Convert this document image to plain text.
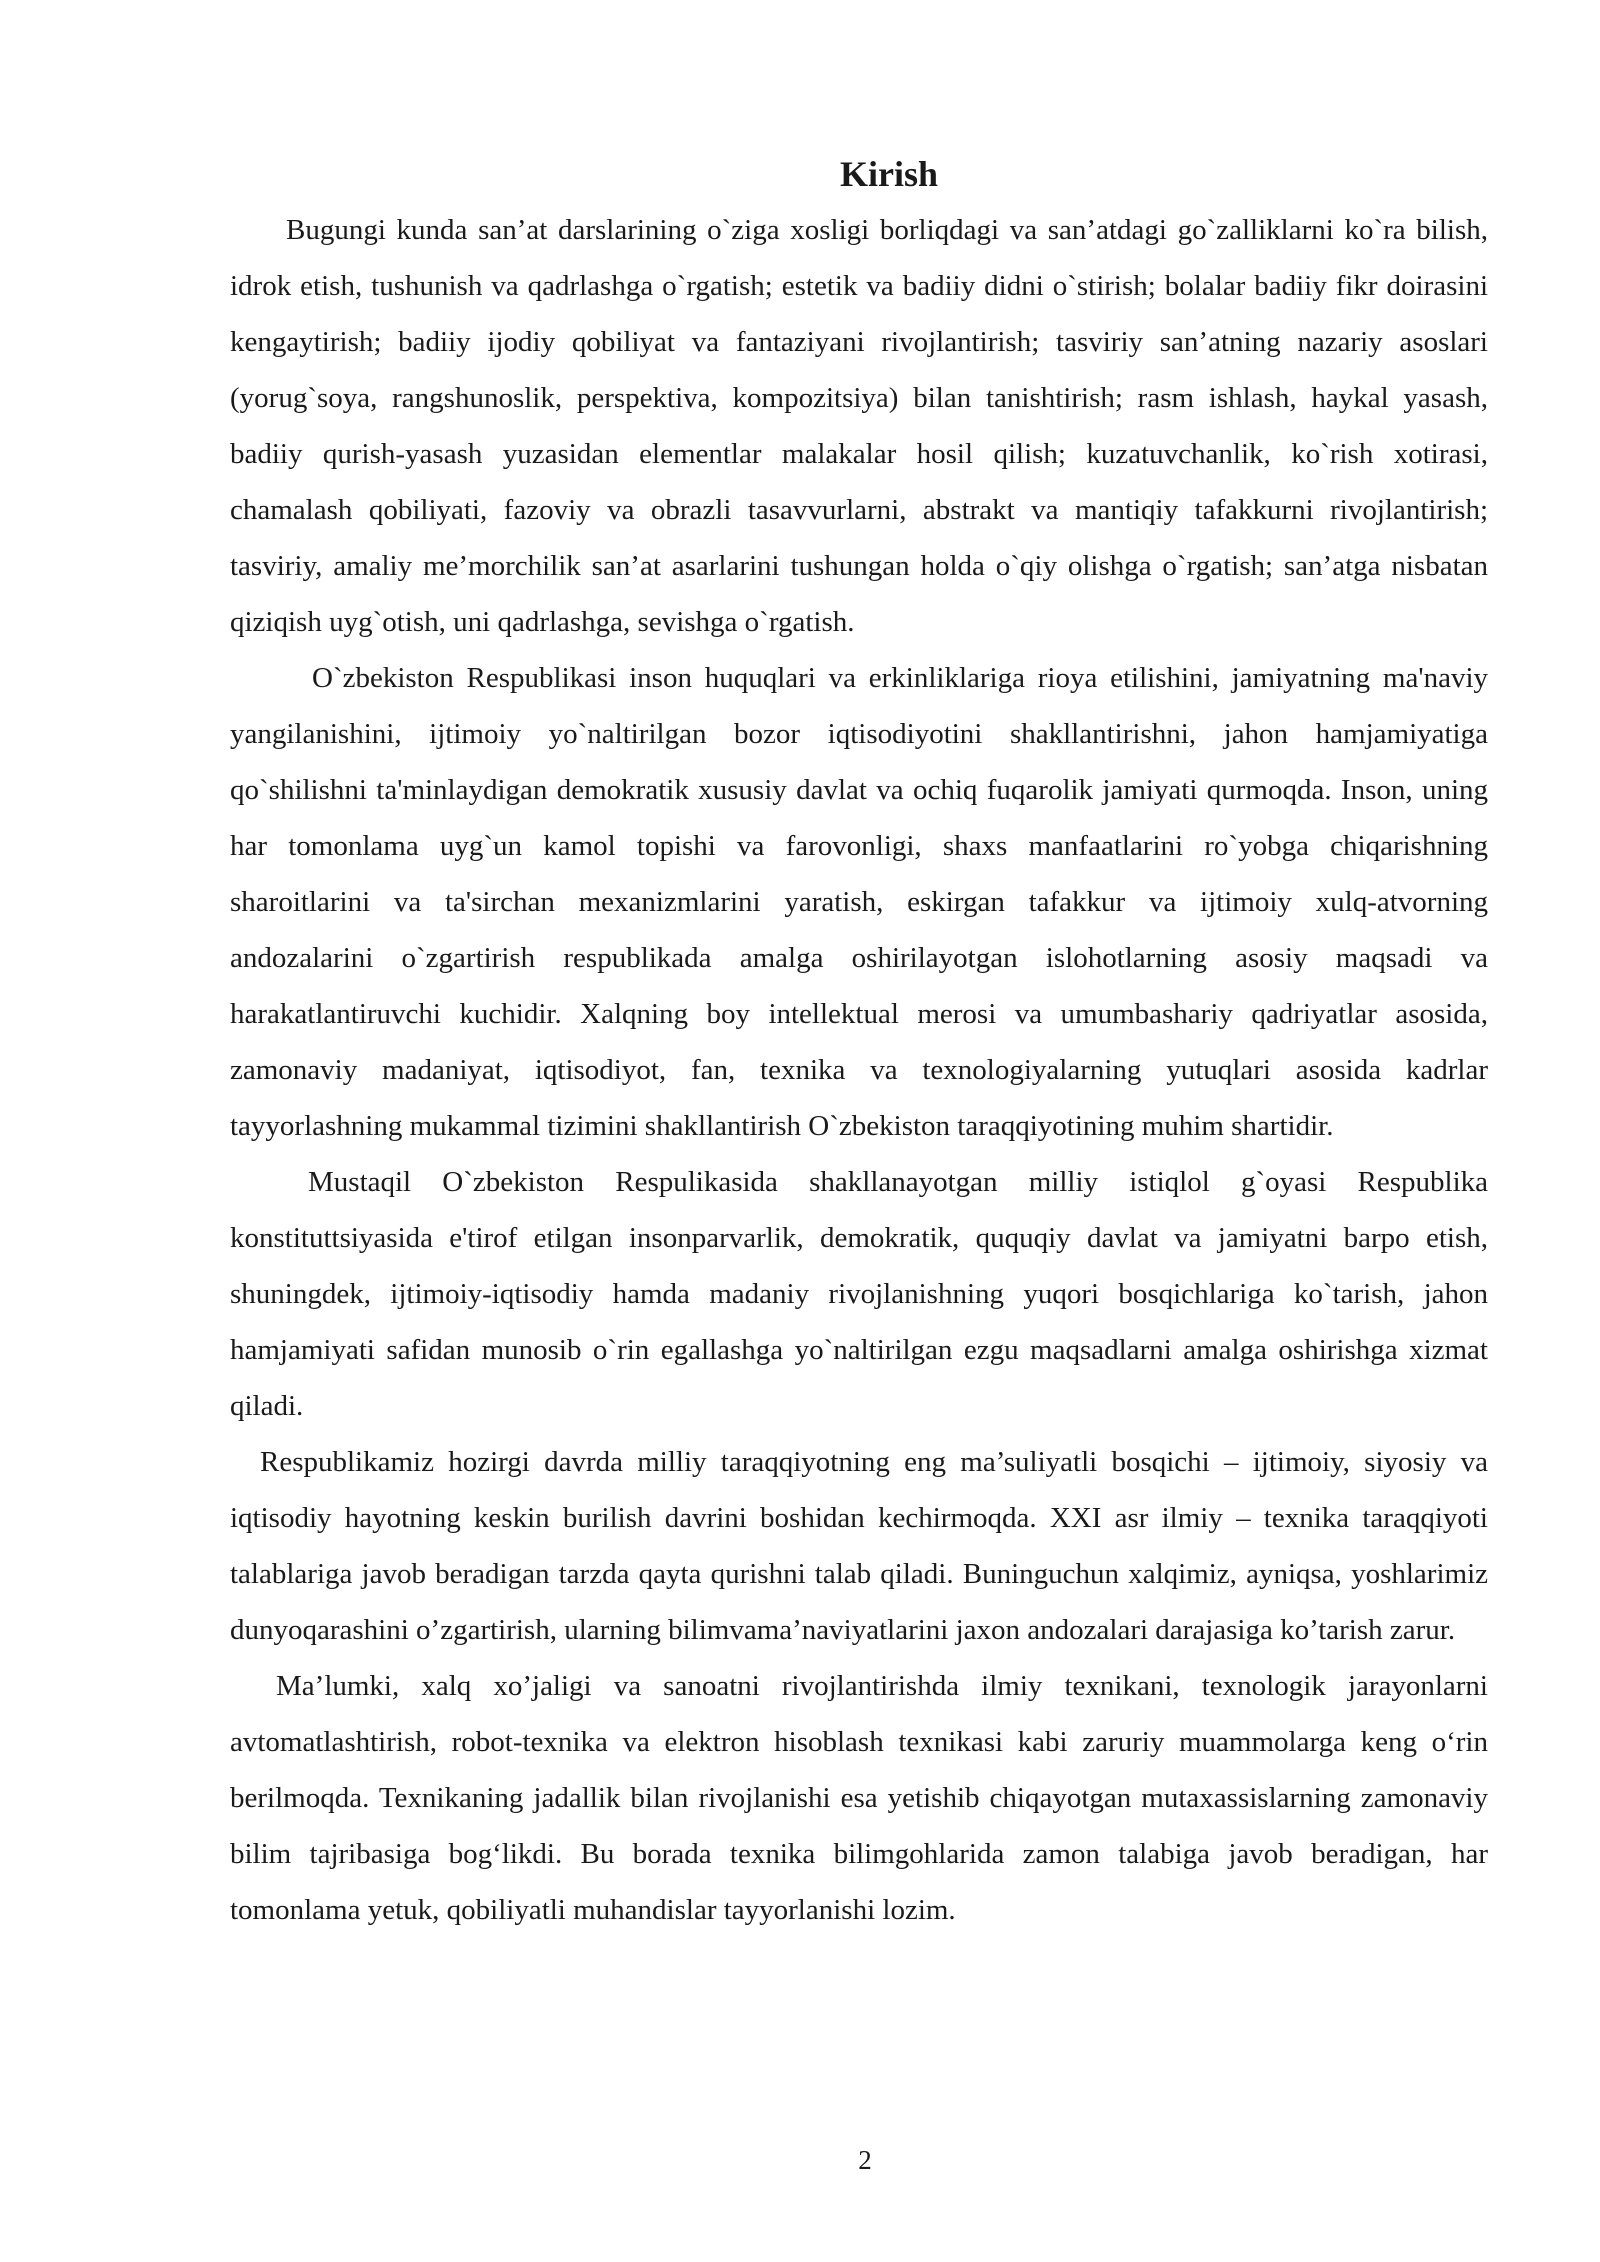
Kirish

Bugungi kunda san’at darslarining o`ziga xosligi borliqdagi va san’atdagi go`zalliklarni ko`ra bilish, idrok etish, tushunish va qadrlashga o`rgatish; estetik va badiiy didni o`stirish; bolalar badiiy fikr doirasini kengaytirish; badiiy ijodiy qobiliyat va fantaziyani rivojlantirish; tasviriy san’atning nazariy asoslari (yorug`soya, rangshunoslik, perspektiva, kompozitsiya) bilan tanishtirish; rasm ishlash, haykal yasash, badiiy qurish-yasash yuzasidan elementlar malakalar hosil qilish; kuzatuvchanlik, ko`rish xotirasi, chamalash qobiliyati, fazoviy va obrazli tasavvurlarni, abstrakt va mantiqiy tafakkurni rivojlantirish; tasviriy, amaliy me’morchilik san’at asarlarini tushungan holda o`qiy olishga o`rgatish; san’atga nisbatan qiziqish uyg`otish, uni qadrlashga, sevishga o`rgatish.

O`zbekiston Respublikasi inson huquqlari va erkinliklariga rioya etilishini, jamiyatning ma'naviy yangilanishini, ijtimoiy yo`naltirilgan bozor iqtisodiyotini shakllantirishni, jahon hamjamiyatiga qo`shilishni ta'minlaydigan demokratik xususiy davlat va ochiq fuqarolik jamiyati qurmoqda. Inson, uning har tomonlama uyg`un kamol topishi va farovonligi, shaxs manfaatlarini ro`yobga chiqarishning sharoitlarini va ta'sirchan mexanizmlarini yaratish, eskirgan tafakkur va ijtimoiy xulq-atvorning andozalarini o`zgartirish respublikada amalga oshirilayotgan islohotlarning asosiy maqsadi va harakatlantiruvchi kuchidir. Xalqning boy intellektual merosi va umumbashariy qadriyatlar asosida, zamonaviy madaniyat, iqtisodiyot, fan, texnika va texnologiyalarning yutuqlari asosida kadrlar tayyorlashning mukammal tizimini shakllantirish O`zbekiston taraqqiyotining muhim shartidir.

Mustaqil O`zbekiston Respulikasida shakllanayotgan milliy istiqlol g`oyasi Respublika konstituttsiyasida e'tirof etilgan insonparvarlik, demokratik, ququqiy davlat va jamiyatni barpo etish, shuningdek, ijtimoiy-iqtisodiy hamda madaniy rivojlanishning yuqori bosqichlariga ko`tarish, jahon hamjamiyati safidan munosib o`rin egallashga yo`naltirilgan ezgu maqsadlarni amalga oshirishga xizmat qiladi.

Respublikamiz hozirgi davrda milliy taraqqiyotning eng ma’suliyatli bosqichi – ijtimoiy, siyosiy va iqtisodiy hayotning keskin burilish davrini boshidan kechirmoqda. XXI asr ilmiy – texnika taraqqiyoti talablariga javob beradigan tarzda qayta qurishni talab qiladi. Buninguchun xalqimiz, ayniqsa, yoshlarimiz dunyoqarashini o’zgartirish, ularning bilimvama’naviyatlarini jaxon andozalari darajasiga ko’tarish zarur.

Ma’lumki, xalq xo’jaligi va sanoatni rivojlantirishda ilmiy texnikani, texnologik jarayonlarni avtomatlashtirish, robot-texnika va elektron hisoblash texnikasi kabi zaruriy muammolarga keng o‘rin berilmoqda. Texnikaning jadallik bilan rivojlanishi esa yetishib chiqayotgan mutaxassislarning zamonaviy bilim tajribasiga bog‘likdi. Bu borada texnika bilimgohlarida zamon talabiga javob beradigan, har tomonlama yetuk, qobiliyatli muhandislar tayyorlanishi lozim.

2
